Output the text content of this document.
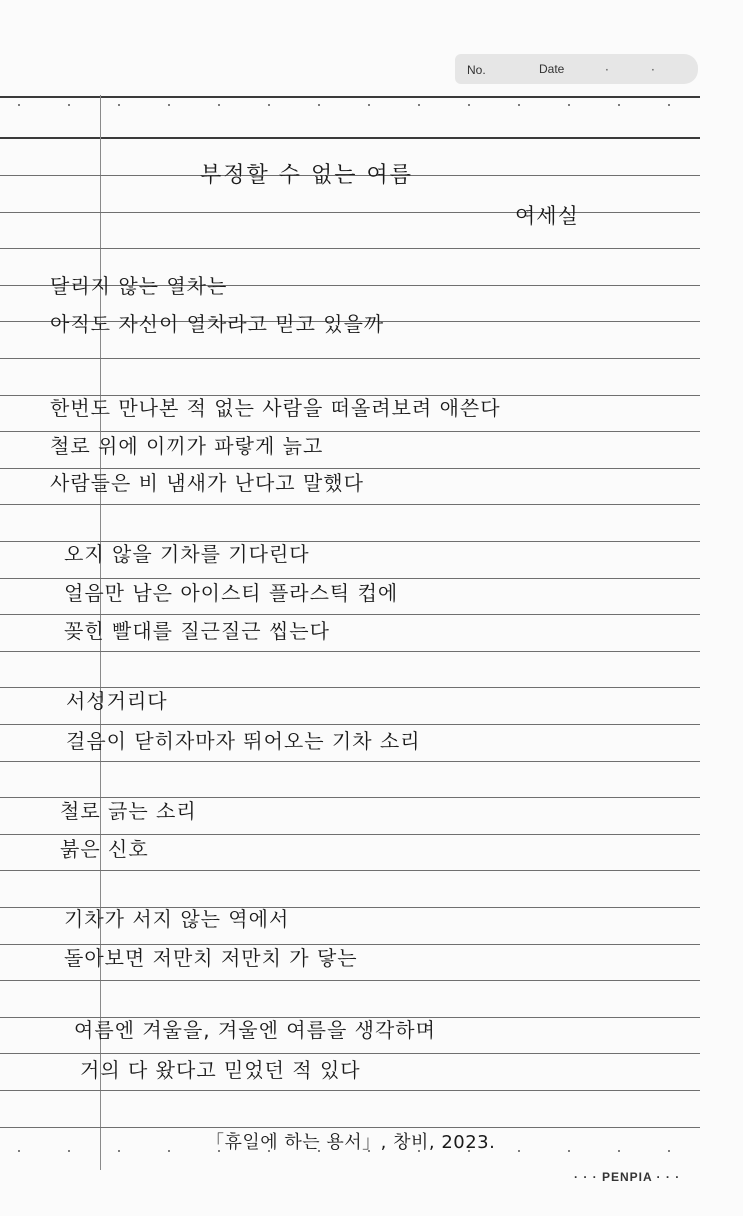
No.	Date	·	·
부정할 수 없는 여름
여세실
달리지 않는 열차는
아직도 자신이 열차라고 믿고 있을까
한번도 만나본 적 없는 사람을 떠올려보려 애쓴다
철로 위에 이끼가 파랗게 늙고
사람들은 비 냄새가 난다고 말했다
오지 않을 기차를 기다린다
얼음만 남은 아이스티 플라스틱 컵에
꽂힌 빨대를 질근질근 씹는다
서성거리다
걸음이 닫히자마자 뛰어오는 기차 소리
철로 긁는 소리
붉은 신호
기차가 서지 않는 역에서
돌아보면 저만치 저만치 가 닿는
여름엔 겨울을, 겨울엔 여름을 생각하며
거의 다 왔다고 믿었던 적 있다
「휴일에 하는 용서」, 창비, 2023.
· · · PENPIA · · ·
